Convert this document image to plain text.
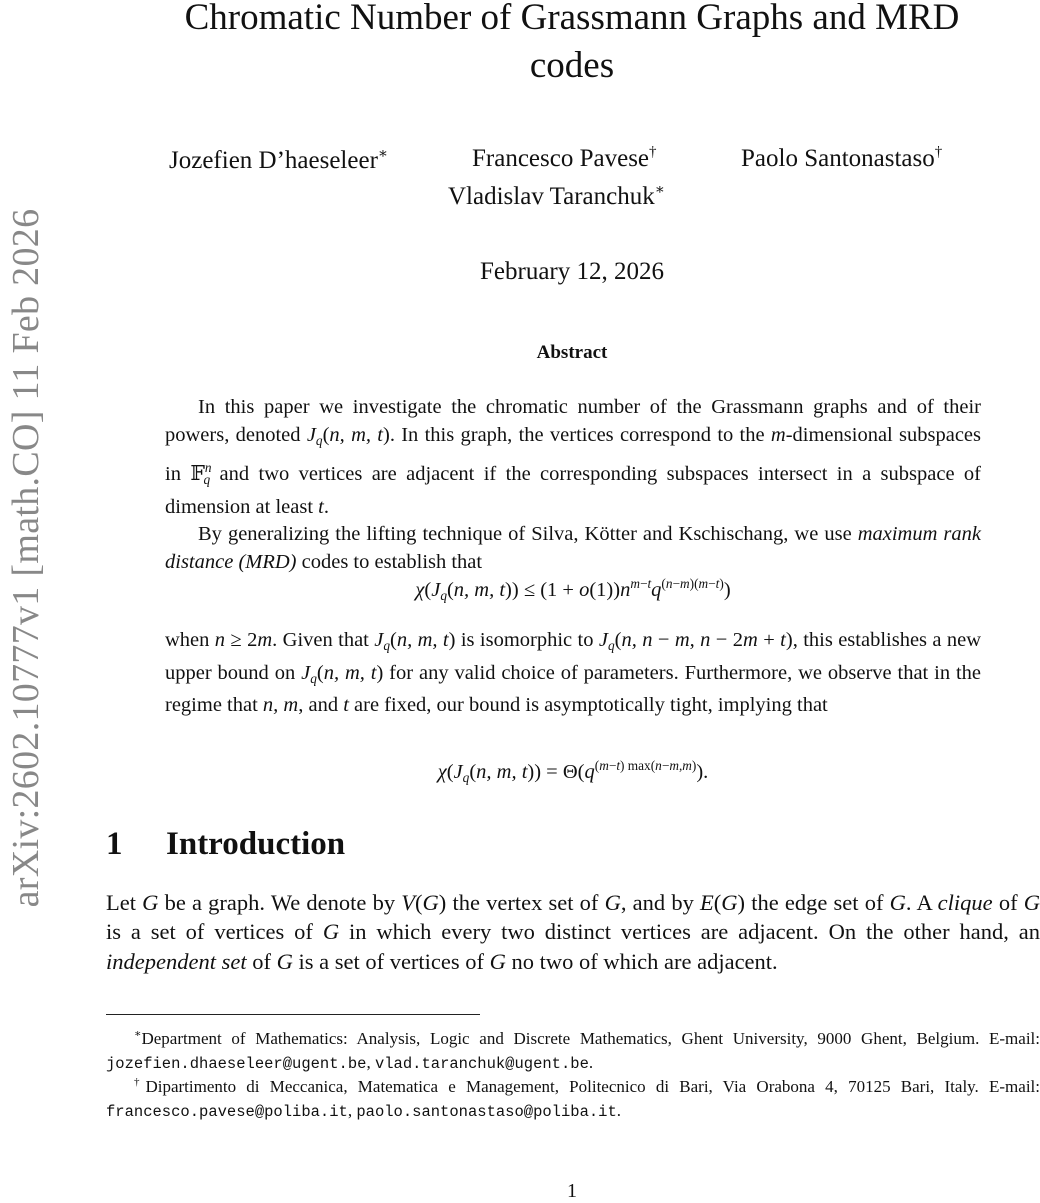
arXiv:2602.10777v1 [math.CO] 11 Feb 2026
Chromatic Number of Grassmann Graphs and MRD
codes
Jozefien D’haeseleer∗	Francesco Pavese†	Paolo Santonastaso†
Vladislav Taranchuk∗
February 12, 2026
Abstract

In this paper we investigate the chromatic number of the Grassmann graphs and of their powers, denoted $J_q(n$, m, t). In this graph, the vertices correspond to the m-dimensional subspaces in 𝔽$^n_q$ and two vertices are adjacent if the corresponding subspaces intersect in a subspace of dimension at least t.

By generalizing the lifting technique of Silva, Kötter and Kschischang, we use maximum rank distance (MRD) codes to establish that

$\chi(J_q(n$, m, $t)) \le (1 + o(1))n^{m-t}q^{(n-m)(m-t)}$)

when n ≥ 2m. Given that $J_q(n$, m, t) is isomorphic to $J_q(n$, n − m, n − 2m + t), this establishes a new upper bound on $J_q(n$, m, t) for any valid choice of parameters. Furthermore, we observe that in the regime that n, m, and t are fixed, our bound is asymptotically tight, implying that

$\chi(J_q(n$, m, $t)) = \Theta(q^{(m-t) max(n-m,m)})$.
1 Introduction

Let G be a graph. We denote by V(G) the vertex set of G, and by E(G) the edge set of G. A clique of G is a set of vertices of G in which every two distinct vertices are adjacent. On the other hand, an independent set of G is a set of vertices of G no two of which are adjacent.

∗Department of Mathematics: Analysis, Logic and Discrete Mathematics, Ghent University, 9000 Ghent, Belgium. E-mail: jozefien.dhaeseleer@ugent.be, vlad.taranchuk@ugent.be.

†Dipartimento di Meccanica, Matematica e Management, Politecnico di Bari, Via Orabona 4, 70125 Bari, Italy. E-mail: francesco.pavese@poliba.it, paolo.santonastaso@poliba.it.

1
